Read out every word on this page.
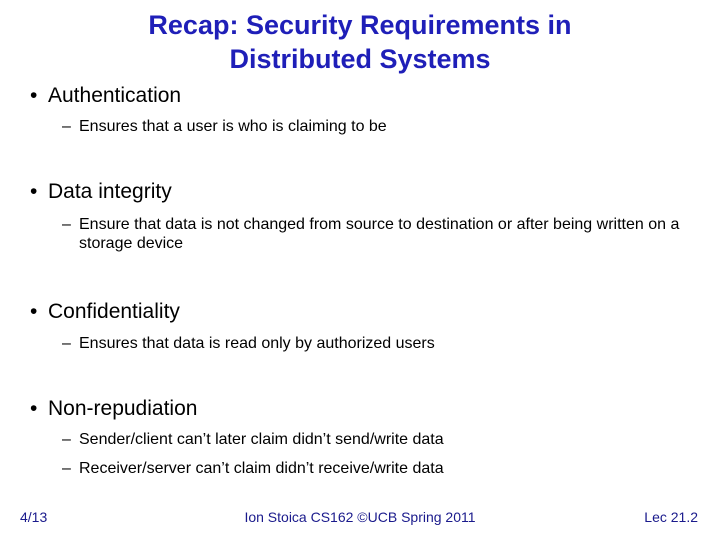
Recap: Security Requirements in
Distributed Systems
• Authentication
– Ensures that a user is who is claiming to be
• Data integrity
– Ensure that data is not changed from source to destination or after being written on a storage device
• Confidentiality
– Ensures that data is read only by authorized users
• Non-repudiation
– Sender/client can’t later claim didn’t send/write data
– Receiver/server can’t claim didn’t receive/write data
4/13	Ion Stoica CS162 ©UCB Spring 2011	Lec 21.2
